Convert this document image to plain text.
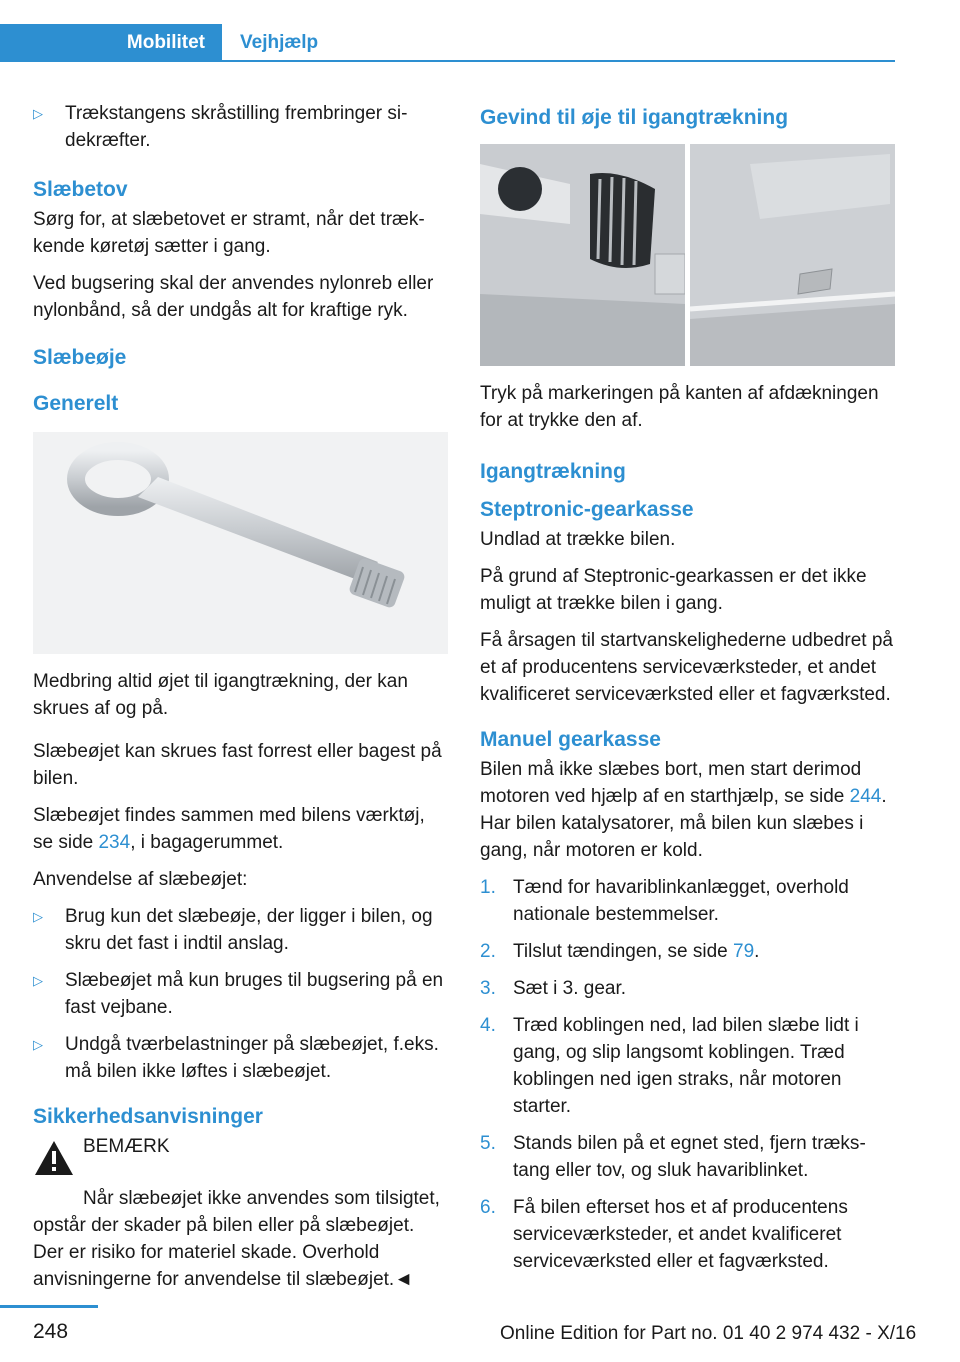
Mobilitet	Vejhjælp
▷	Trækstangens skråstilling frembringer sidekræfter.
Slæbetov

Sørg for, at slæbetovet er stramt, når det trækkende køretøj sætter i gang.

Ved bugsering skal der anvendes nylonreb eller nylonbånd, så der undgås alt for kraftige ryk.

Slæbeøje
Generelt

Medbring altid øjet til igangtrækning, der kan skrues af og på.

Slæbeøjet kan skrues fast forrest eller bagest på bilen.

Slæbeøjet findes sammen med bilens værktøj, se side 234, i bagagerummet.

Anvendelse af slæbeøjet:

▷	Brug kun det slæbeøje, der ligger i bilen, og skru det fast i indtil anslag.
▷	Slæbeøjet må kun bruges til bugsering på en fast vejbane.
▷	Undgå tværbelastninger på slæbeøjet, f.eks. må bilen ikke løftes i slæbeøjet.
Sikkerhedsanvisninger
BEMÆRK

Når slæbeøjet ikke anvendes som tilsigtet, opstår der skader på bilen eller på slæbeøjet. Der er risiko for materiel skade. Overhold anvisningerne for anvendelse til slæbeøjet.◄

Gevind til øje til igangtrækning

Tryk på markeringen på kanten af afdækningen for at trykke den af.

Igangtrækning
Steptronic-gearkasse

Undlad at trække bilen.

På grund af Steptronic-gearkassen er det ikke muligt at trække bilen i gang.

Få årsagen til startvanskelighederne udbedret på et af producentens serviceværksteder, et andet kvalificeret serviceværksted eller et fagværksted.

Manuel gearkasse

Bilen må ikke slæbes bort, men start derimod motoren ved hjælp af en starthjælp, se side 244. Har bilen katalysatorer, må bilen kun slæbes i gang, når motoren er kold.

1. Tænd for havariblinkanlægget, overhold nationale bestemmelser.
2. Tilslut tændingen, se side 79.
3. Sæt i 3. gear.
4. Træd koblingen ned, lad bilen slæbe lidt i gang, og slip langsomt koblingen. Træd koblingen ned igen straks, når motoren starter.
5. Stands bilen på et egnet sted, fjern trækstang eller tov, og sluk havariblinket.
6. Få bilen efterset hos et af producentens serviceværksteder, et andet kvalificeret serviceværksted eller et fagværksted.
248	Online Edition for Part no. 01 40 2 974 432 - X/16
